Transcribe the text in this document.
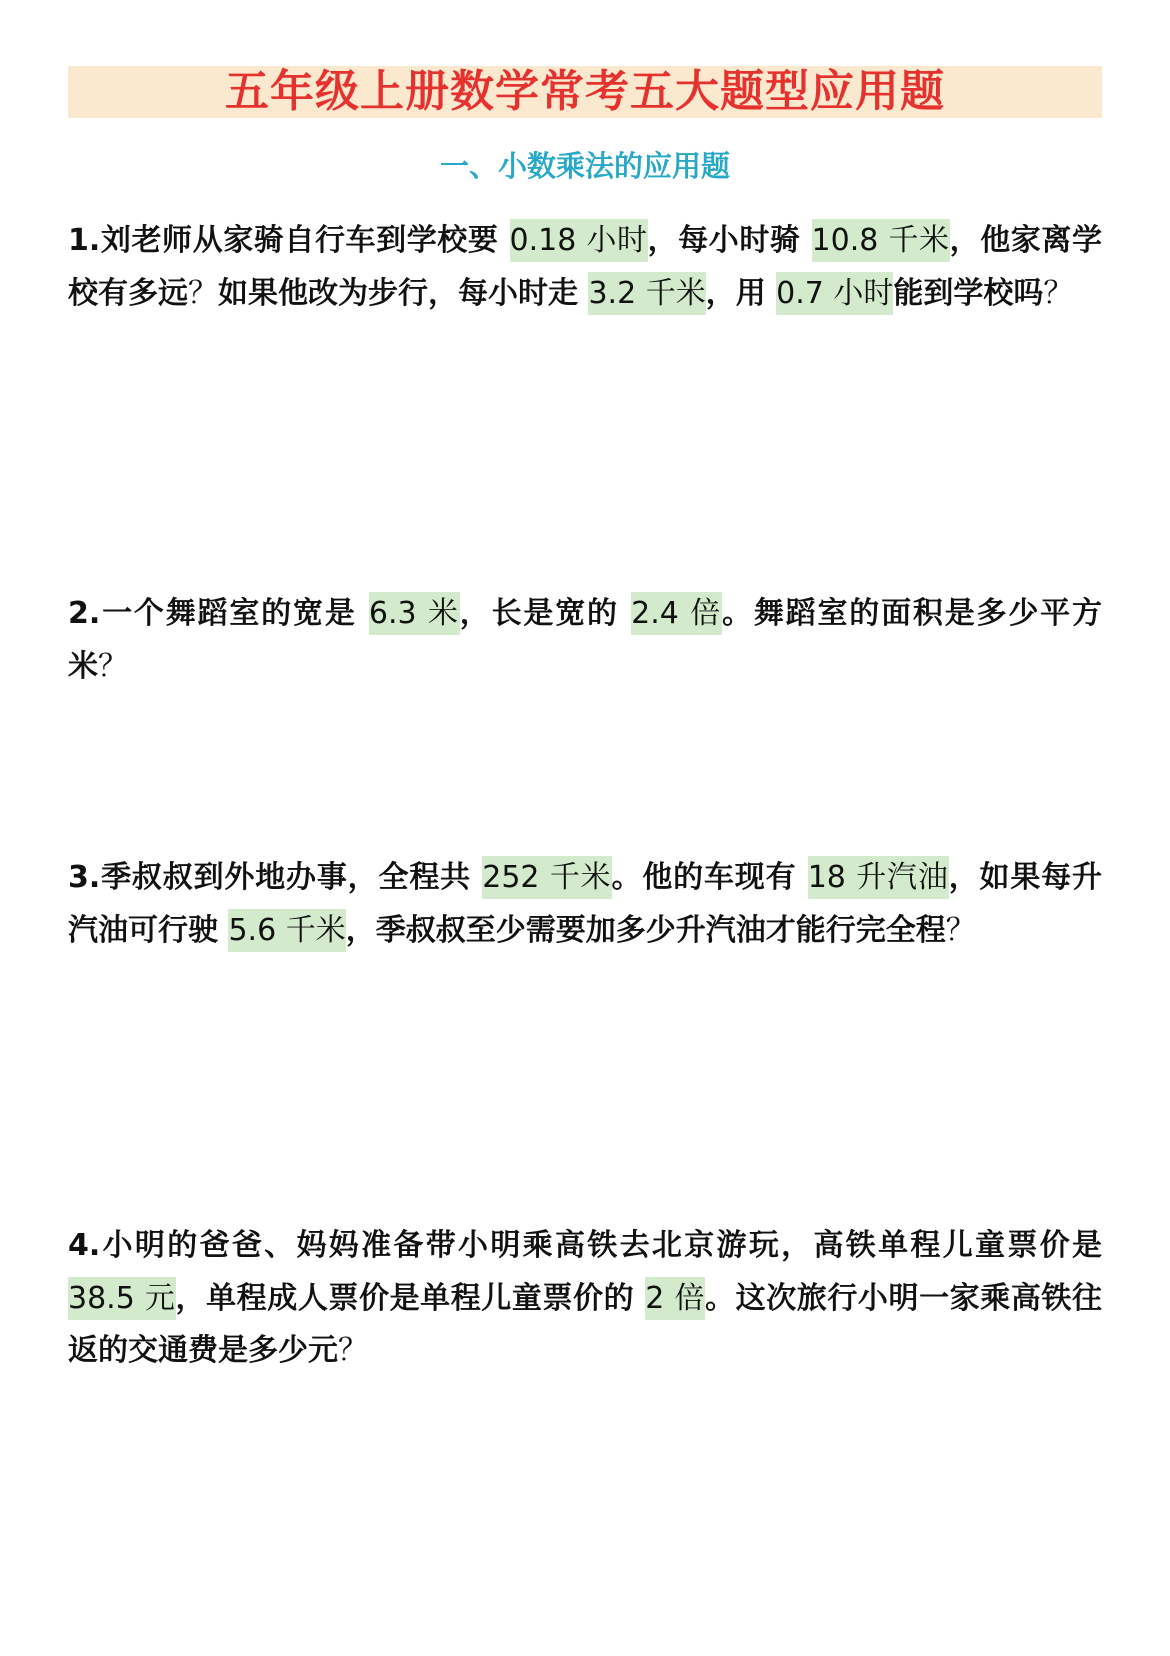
五年级上册数学常考五大题型应用题
一、小数乘法的应用题

1.刘老师从家骑自行车到学校要 0.18 小时，每小时骑 10.8 千米，他家离学校有多远？如果他改为步行，每小时走 3.2 千米，用 0.7 小时能到学校吗？

2.一个舞蹈室的宽是 6.3 米，长是宽的 2.4 倍。舞蹈室的面积是多少平方米？

3.季叔叔到外地办事，全程共 252 千米。他的车现有 18 升汽油，如果每升汽油可行驶 5.6 千米，季叔叔至少需要加多少升汽油才能行完全程？

4.小明的爸爸、妈妈准备带小明乘高铁去北京游玩，高铁单程儿童票价是 38.5 元，单程成人票价是单程儿童票价的 2 倍。这次旅行小明一家乘高铁往返的交通费是多少元？
